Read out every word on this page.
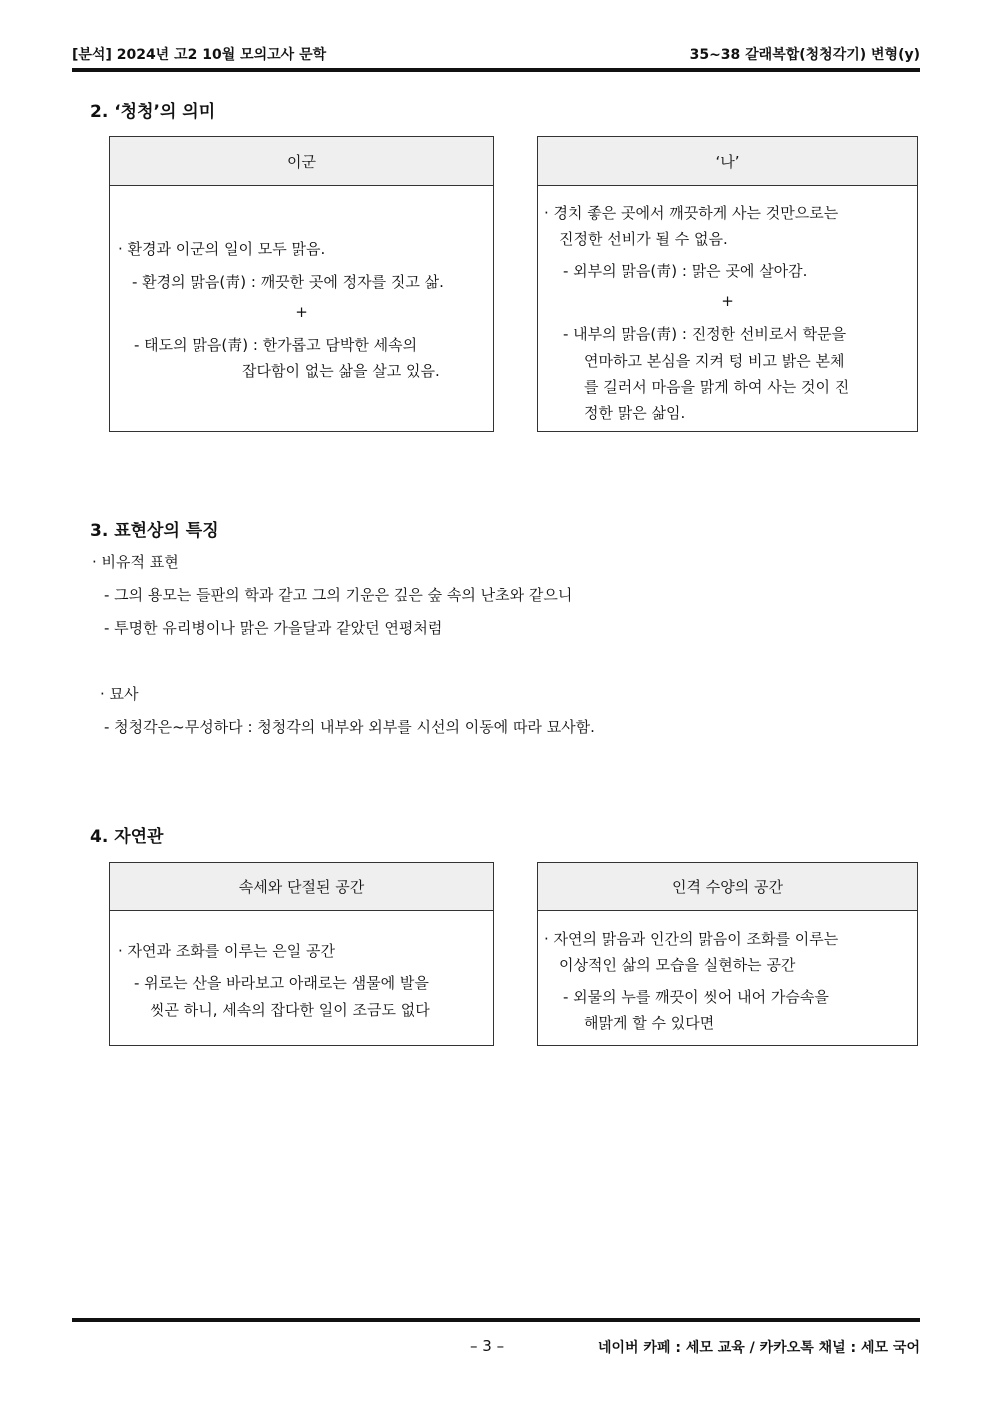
[분석] 2024년 고2 10월 모의고사 문학	35~38 갈래복합(청청각기) 변형(y)
2. ‘청청’의 의미
이군
· 환경과 이군의 일이 모두 맑음.
- 환경의 맑음(靑) : 깨끗한 곳에 정자를 짓고 삶.
+
- 태도의 맑음(靑) : 한가롭고 담박한 세속의
잡다함이 없는 삶을 살고 있음.
‘나’
· 경치 좋은 곳에서 깨끗하게 사는 것만으로는
진정한 선비가 될 수 없음.
- 외부의 맑음(靑) : 맑은 곳에 살아감.
+
- 내부의 맑음(靑) : 진정한 선비로서 학문을
연마하고 본심을 지켜 텅 비고 밝은 본체
를 길러서 마음을 맑게 하여 사는 것이 진
정한 맑은 삶임.
3. 표현상의 특징
· 비유적 표현
- 그의 용모는 들판의 학과 같고 그의 기운은 깊은 숲 속의 난초와 같으니
- 투명한 유리병이나 맑은 가을달과 같았던 연평처럼
· 묘사
- 청청각은~무성하다 : 청청각의 내부와 외부를 시선의 이동에 따라 묘사함.
4. 자연관
속세와 단절된 공간
· 자연과 조화를 이루는 은일 공간
- 위로는 산을 바라보고 아래로는 샘물에 발을
씻곤 하니, 세속의 잡다한 일이 조금도 없다
인격 수양의 공간
· 자연의 맑음과 인간의 맑음이 조화를 이루는
이상적인 삶의 모습을 실현하는 공간
- 외물의 누를 깨끗이 씻어 내어 가슴속을
해맑게 할 수 있다면
– 3 –	네이버 카페 : 세모 교육 / 카카오톡 채널 : 세모 국어
